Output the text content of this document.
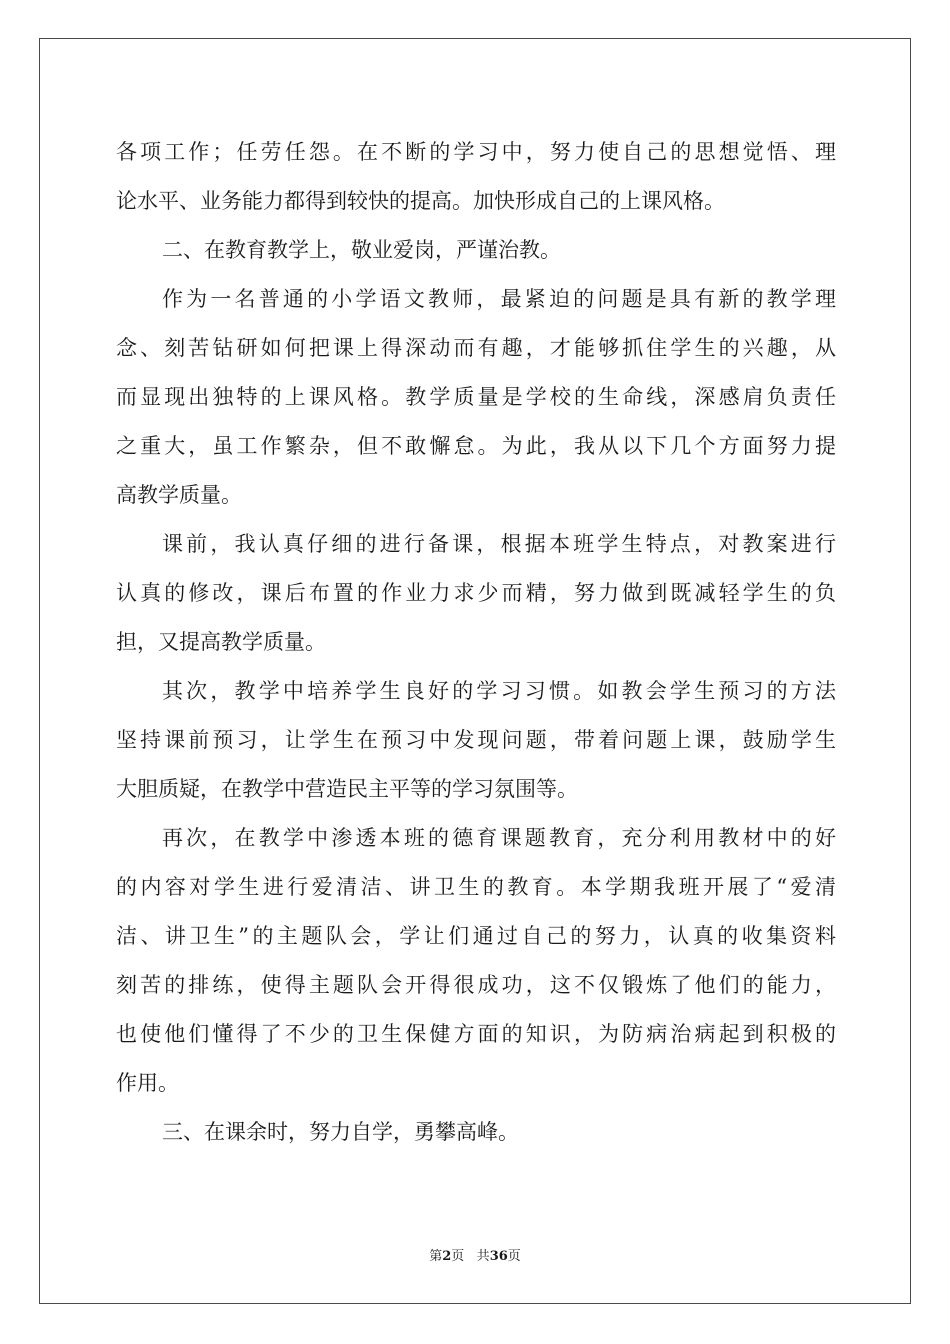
各项工作；任劳任怨。在不断的学习中，努力使自己的思想觉悟、理
论水平、业务能力都得到较快的提高。加快形成自己的上课风格。
二、在教育教学上，敬业爱岗，严谨治教。
作为一名普通的小学语文教师，最紧迫的问题是具有新的教学理
念、刻苦钻研如何把课上得深动而有趣，才能够抓住学生的兴趣，从
而显现出独特的上课风格。教学质量是学校的生命线，深感肩负责任
之重大，虽工作繁杂，但不敢懈怠。为此，我从以下几个方面努力提
高教学质量。
课前，我认真仔细的进行备课，根据本班学生特点，对教案进行
认真的修改，课后布置的作业力求少而精，努力做到既减轻学生的负
担，又提高教学质量。
其次，教学中培养学生良好的学习习惯。如教会学生预习的方法
坚持课前预习，让学生在预习中发现问题，带着问题上课，鼓励学生
大胆质疑，在教学中营造民主平等的学习氛围等。
再次，在教学中渗透本班的德育课题教育，充分利用教材中的好
的内容对学生进行爱清洁、讲卫生的教育。本学期我班开展了“爱清
洁、讲卫生”的主题队会，学让们通过自己的努力，认真的收集资料
刻苦的排练，使得主题队会开得很成功，这不仅锻炼了他们的能力，
也使他们懂得了不少的卫生保健方面的知识，为防病治病起到积极的
作用。
三、在课余时，努力自学，勇攀高峰。
第2页 共36页
